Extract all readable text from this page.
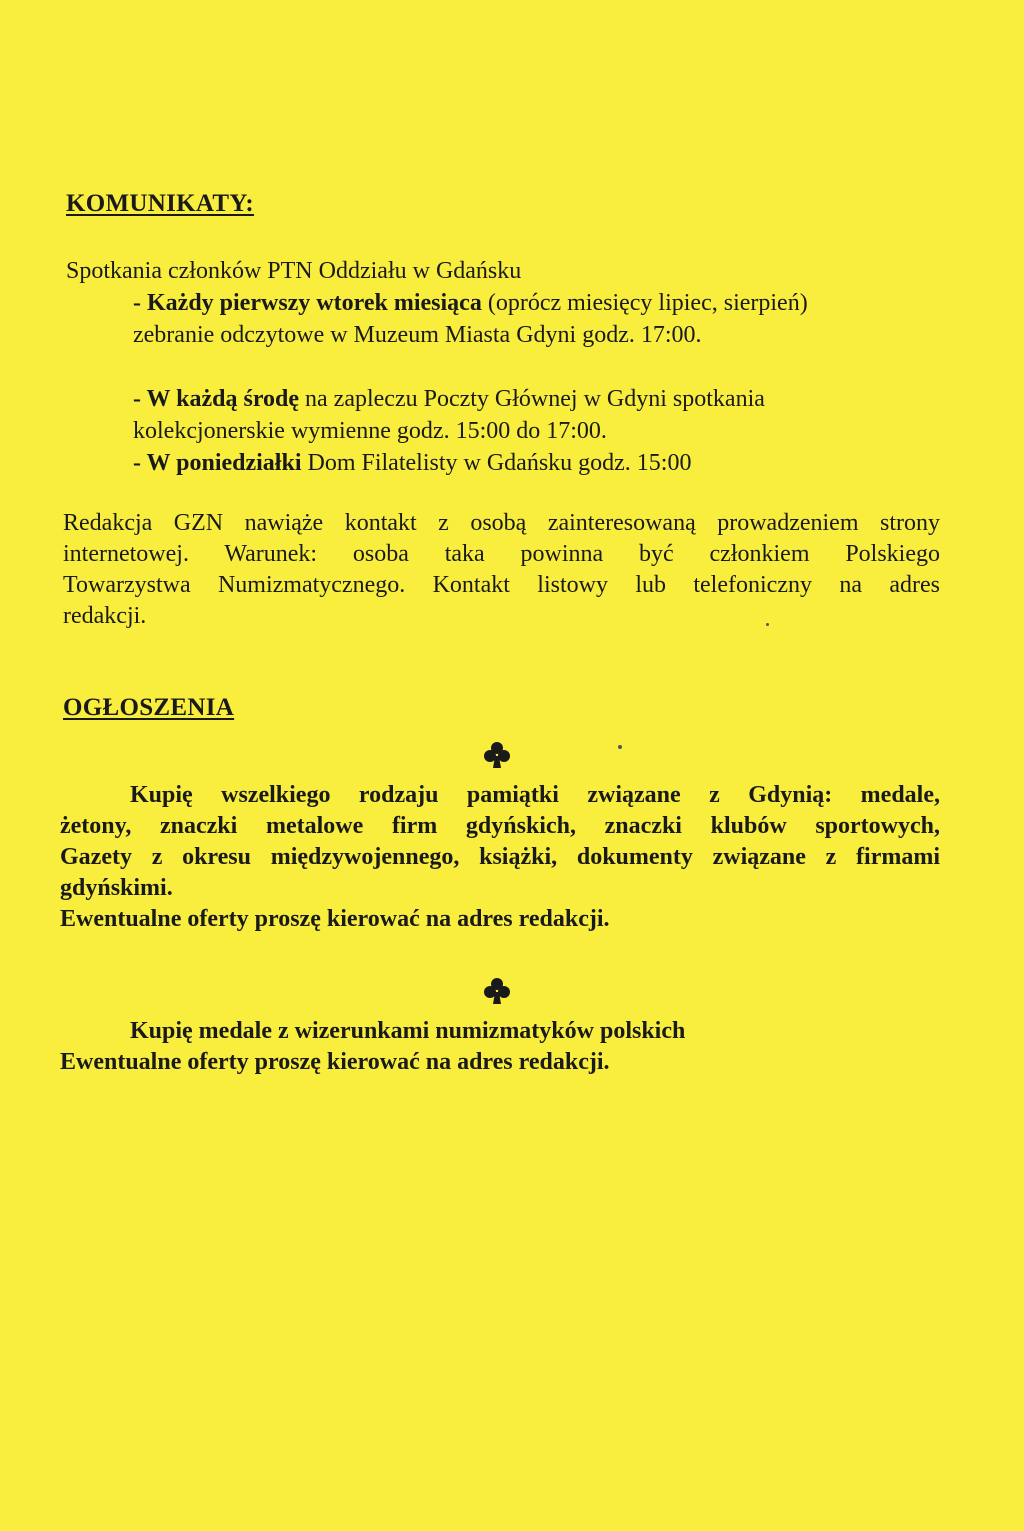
KOMUNIKATY:

Spotkania członków PTN Oddziału w Gdańsku

- Każdy pierwszy wtorek miesiąca (oprócz miesięcy lipiec, sierpień)

zebranie odczytowe w Muzeum Miasta Gdyni godz. 17:00.

- W każdą środę na zapleczu Poczty Głównej w Gdyni spotkania

kolekcjonerskie wymienne godz. 15:00 do 17:00.

- W poniedziałki Dom Filatelisty w Gdańsku godz. 15:00

Redakcja GZN nawiąże kontakt z osobą zainteresowaną prowadzeniem strony
internetowej. Warunek: osoba taka powinna być członkiem Polskiego
Towarzystwa Numizmatycznego. Kontakt listowy lub telefoniczny na adres
redakcji.
OGŁOSZENIA
Kupię wszelkiego rodzaju pamiątki związane z Gdynią: medale,
żetony, znaczki metalowe firm gdyńskich, znaczki klubów sportowych,
Gazety z okresu międzywojennego, książki, dokumenty związane z firmami
gdyńskimi.
Ewentualne oferty proszę kierować na adres redakcji.
Kupię medale z wizerunkami numizmatyków polskich
Ewentualne oferty proszę kierować na adres redakcji.
